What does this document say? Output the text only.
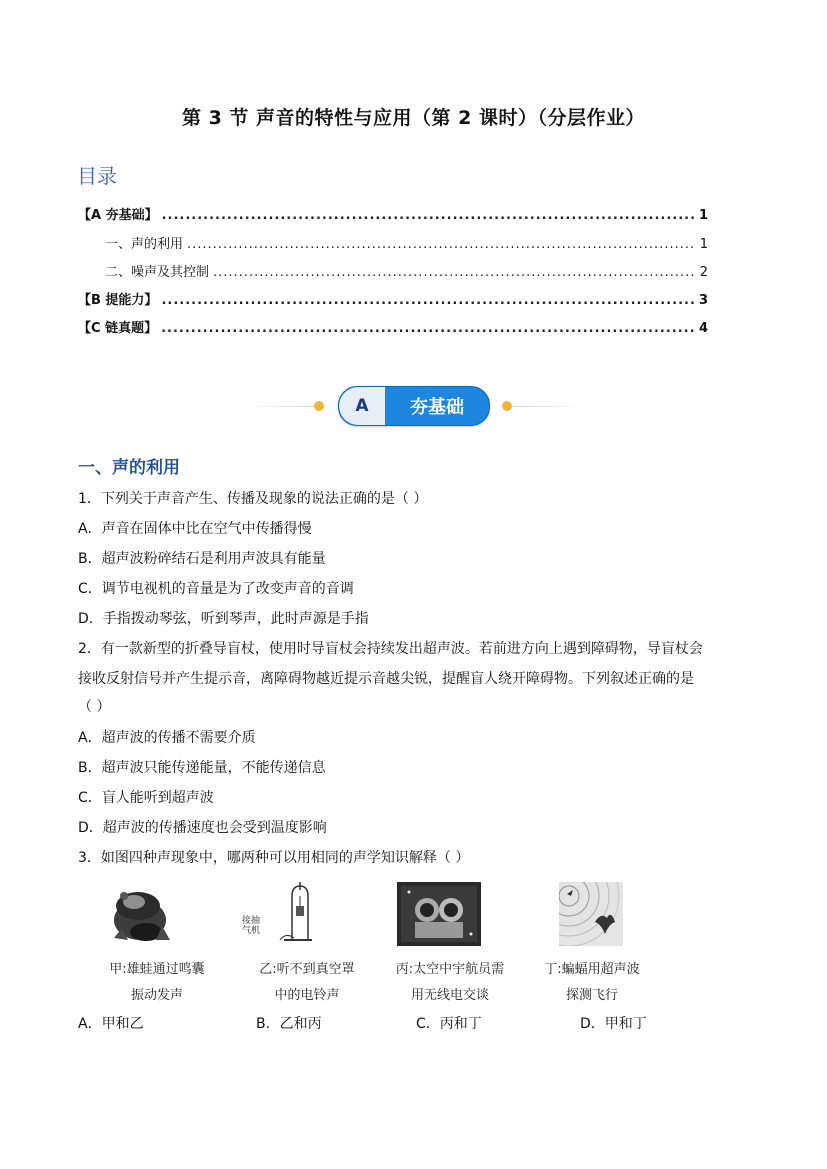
第 3 节 声音的特性与应用（第 2 课时）（分层作业）
目录
【A 夯基础】 .....	1
一、声的利用 .....	1
二、噪声及其控制 .....	2
【B 提能力】 .....	3
【C 链真题】 .....	4
A	夯基础
一、声的利用
1．下列关于声音产生、传播及现象的说法正确的是（ ）
A．声音在固体中比在空气中传播得慢
B．超声波粉碎结石是利用声波具有能量
C．调节电视机的音量是为了改变声音的音调
D．手指拨动琴弦，听到琴声，此时声源是手指
2．有一款新型的折叠导盲杖，使用时导盲杖会持续发出超声波。若前进方向上遇到障碍物，导盲杖会
接收反射信号并产生提示音，离障碍物越近提示音越尖锐，提醒盲人绕开障碍物。下列叙述正确的是
（ ）
A．超声波的传播不需要介质
B．超声波只能传递能量，不能传递信息
C．盲人能听到超声波
D．超声波的传播速度也会受到温度影响
3．如图四种声现象中，哪两种可以用相同的声学知识解释（ ）
甲:雄蛙通过鸣囊
振动发声
接抽气机
乙:听不到真空罩
中的电铃声
丙:太空中宇航员需
用无线电交谈
丁:蝙蝠用超声波
探测飞行
A．甲和乙	B．乙和丙	C．丙和丁	D．甲和丁
